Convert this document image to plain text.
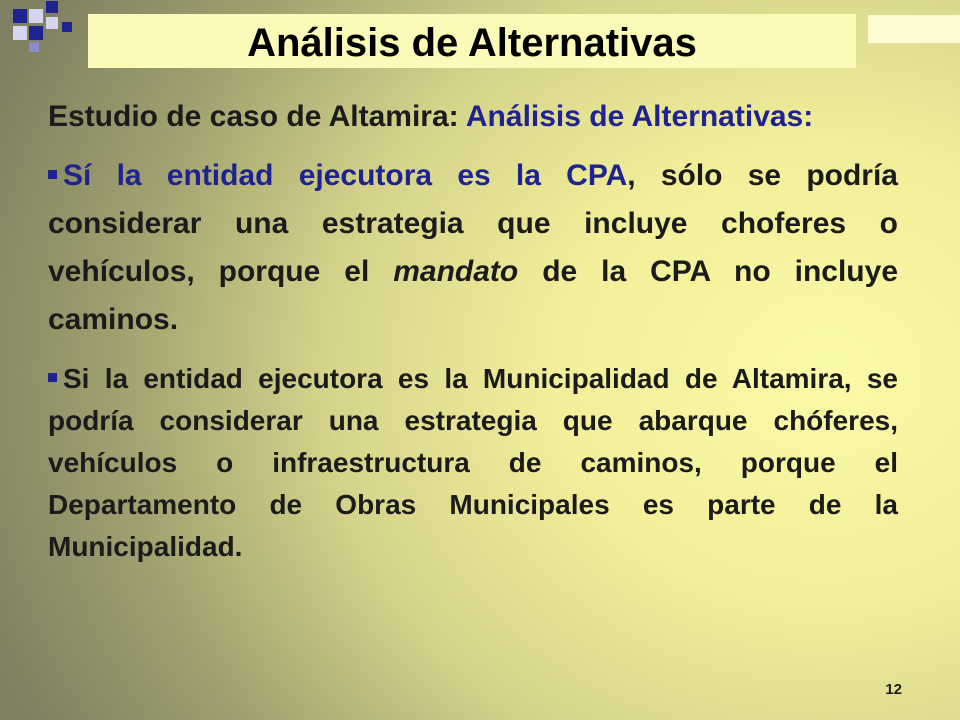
Análisis de Alternativas

Estudio de caso de Altamira: Análisis de Alternativas:

Sí la entidad ejecutora es la CPA, sólo se podría considerar una estrategia que incluye choferes o vehículos, porque el mandato de la CPA no incluye caminos.

Si la entidad ejecutora es la Municipalidad de Altamira, se podría considerar una estrategia que abarque chóferes, vehículos o infraestructura de caminos, porque el Departamento de Obras Municipales es parte de la Municipalidad.

12
